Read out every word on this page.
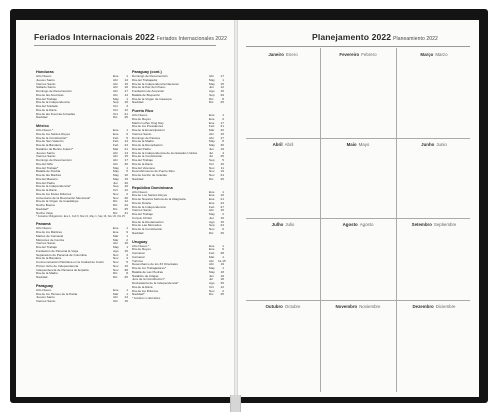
Feriados Internacionais 2022 Feriados Internacionales 2022
Honduras
Año Nuevo	Ene	1
Jueves Santo	Abr	14
Viernes Santo	Abr	15
Sábado Santo	Abr	16
Domingo de Resurrección	Abr	17
Día de las Américas	Abr	14
Día del Trabajo	May	1
Día de la Independencia	Sep	15
Día del Soldado	Oct	3
Día de la Raza	Oct	12
Día de las Fuerzas Armadas	Oct	21
Navidad	Dic	25
México
Año Nuevo *	Ene	1
Día de los Santos Reyes	Ene	6
Día de la Constitución*	Feb	5
Día de San Valentín	Feb	14
Día de la Bandera	Feb	24
Natalicio de Benito Juárez*	Mar	21
Jueves Santo	Abr	14
Viernes Santo	Abr	15
Domingo de Resurrección	Abr	17
Día del Niño	Abr	30
Día del Trabajo*	May	1
Batalla de Puebla	May	5
Día de las Madres	May	10
Día del Maestro	May	15
Día del Padre	Jun	20
Día de la Independencia*	Sep	16
Día de la Raza	Oct	12
Día de los Fieles Difuntos	Nov	2
Aniversario de la Revolución Mexicana*	Nov	20
Día de la Virgen de Guadalupe	Dic	12
Noche Buena	Dic	24
Navidad*	Dic	25
Noche Vieja	Dic	31
* Feriados Obligatorios: Ene 1, Feb 5, Mar 21, May 1, Sep 16, Nov 20, Dic 25
Panamá
Año Nuevo	Ene	1
Día de los Mártires	Ene	9
Martes de Carnaval	Mar	1
Miércoles de Ceniza	Mar	2
Viernes Santo	Abr	15
Día del Trabajo	May	1
Fundación de Panamá la Vieja	Ago	15
Separación de Panamá de Colombia	Nov	3
Día de la Bandera	Nov	4
Conmemoración Patriótica en la Ciudad de Colón	Nov	5
Primer Grito de Independencia	Nov	10
Independencia de Panamá de España	Nov	28
Día de la Madre	Dic	8
Navidad	Dic	25
Paraguay
Año Nuevo	Ene	1
Día de los Héroes de la Patria	Mar	1
Jueves Santo	Abr	14
Viernes Santo	Abr	15
Paraguay (cont.)
Domingo de Resurrección	Abr	17
Día del Trabajador	May	1
Día de la Independencia Nacional	May	15
Día de la Paz del Chaco	Jun	12
Fundación de Asunción	Ago	15
Batalla de Boquerón	Sep	29
Día de la Virgen de Caacupé	Dic	8
Navidad	Dic	25
Puerto Rico
Año Nuevo	Ene	1
Día de Reyes	Ene	6
Martin Luther King Day	Ene	17
Día de los Presidentes	Feb	21
Día de la Emancipación	Mar	22
Viernes Santo	Abr	15
Domingo de Pascua	Abr	17
Día de la Madre	May	8
Día de la Recordación	May	30
Día del Padre	Jun	19
Día de la Independencia de los Estados Unidos	Jul	4
Día de la Constitución	Jul	25
Día del Trabajo	Sep	5
Día de la Raza	Oct	10
Día del Veterano	Nov	11
Descubrimiento de Puerto Rico	Nov	19
Día de Acción de Gracias	Nov	24
Navidad	Dic	25
República Dominicana
Año Nuevo	Ene	1
Día de Los Santos Reyes	Ene	10
Día de Nuestra Señora de la Altagracia	Ene	21
Día de Duarte	Ene	24
Día de la Independencia	Feb	27
Viernes Santo	Abr	15
Día del Trabajo	May	2
Corpus Christi	Jun	16
Día de la Restauración	Ago	15
Día de Las Mercedes	Sep	24
Día de la Constitución	Nov	6
Navidad	Dic	25
Uruguay
Año Nuevo *	Ene	1
Día de Reyes	Ene	6
Carnaval	Feb	28
Carnaval	Mar	1
Turismo	Abr	11-15
Desembarco de los 33 Orientales	Abr	19
Día de los Trabajadores*	May	1
Batalla de Las Piedras	May	18
Natalicio de Artigas	Jun	19
Jura de la Constitución*	Jul	18
Declaratoria de la Independencia*	Ago	25
Día de la Raza	Oct	12
Día de los Difuntos	Nov	2
Navidad*	Dic	25
* Feriados no laborables.
Planejamento 2022 Planeamiento 2022
Janeiro Enero	Fevereiro Febrero	Março Marzo
Abril Abril	Maio Mayo	Junho Junio
Julho Julio	Agosto Agosto	Setembro Septiembre
Outubro Octubre	Novembro Noviembre	Dezembro Diciembre
